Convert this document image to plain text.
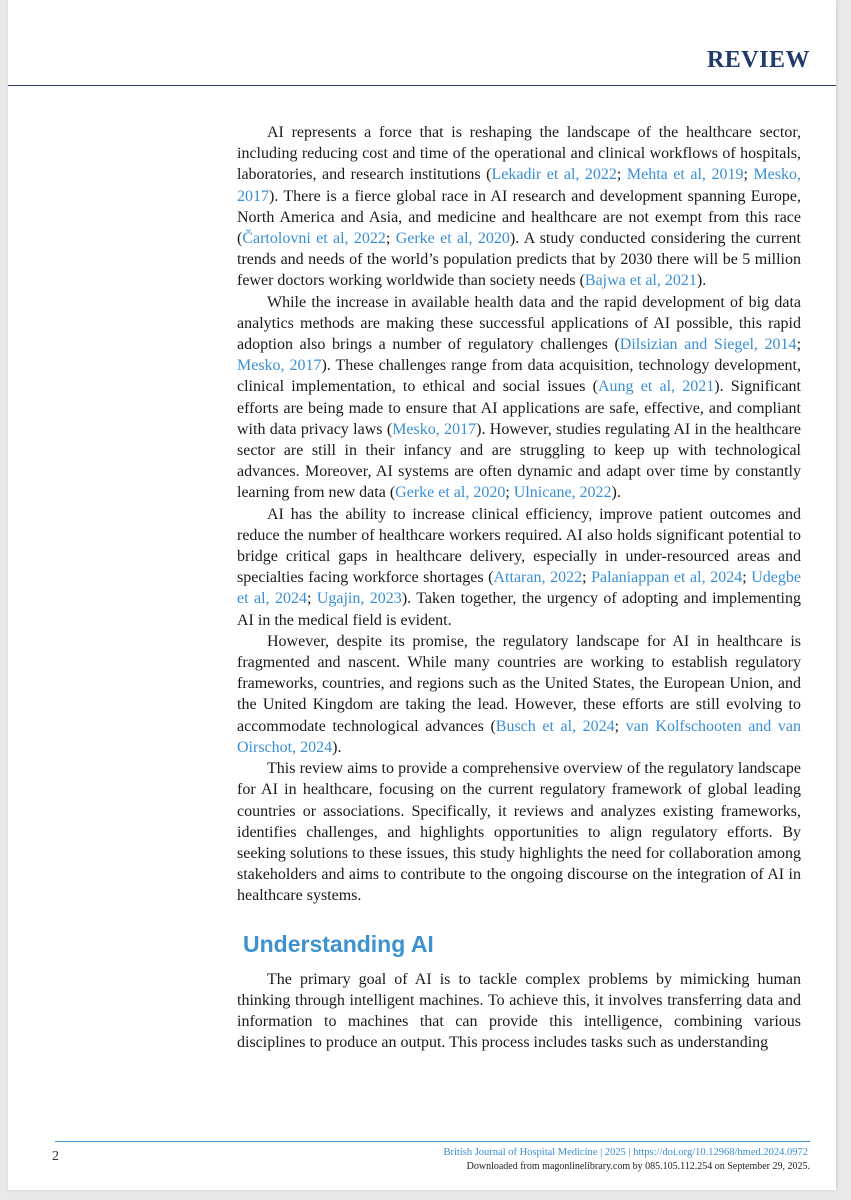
REVIEW

AI represents a force that is reshaping the landscape of the healthcare sector, including reducing cost and time of the operational and clinical workflows of hospitals, laboratories, and research institutions (Lekadir et al, 2022; Mehta et al, 2019; Mesko, 2017). There is a fierce global race in AI research and development spanning Europe, North America and Asia, and medicine and healthcare are not exempt from this race (Čartolovni et al, 2022; Gerke et al, 2020). A study conducted considering the current trends and needs of the world’s population predicts that by 2030 there will be 5 million fewer doctors working worldwide than society needs (Bajwa et al, 2021).

While the increase in available health data and the rapid development of big data analytics methods are making these successful applications of AI possible, this rapid adoption also brings a number of regulatory challenges (Dilsizian and Siegel, 2014; Mesko, 2017). These challenges range from data acquisition, technology development, clinical implementation, to ethical and social issues (Aung et al, 2021). Significant efforts are being made to ensure that AI applications are safe, effective, and compliant with data privacy laws (Mesko, 2017). However, studies regulating AI in the healthcare sector are still in their infancy and are struggling to keep up with technological advances. Moreover, AI systems are often dynamic and adapt over time by constantly learning from new data (Gerke et al, 2020; Ulnicane, 2022).

AI has the ability to increase clinical efficiency, improve patient outcomes and reduce the number of healthcare workers required. AI also holds significant potential to bridge critical gaps in healthcare delivery, especially in under-resourced areas and specialties facing workforce shortages (Attaran, 2022; Palaniappan et al, 2024; Udegbe et al, 2024; Ugajin, 2023). Taken together, the urgency of adopting and implementing AI in the medical field is evident.

However, despite its promise, the regulatory landscape for AI in healthcare is fragmented and nascent. While many countries are working to establish regulatory frameworks, countries, and regions such as the United States, the European Union, and the United Kingdom are taking the lead. However, these efforts are still evolving to accommodate technological advances (Busch et al, 2024; van Kolfschooten and van Oirschot, 2024).

This review aims to provide a comprehensive overview of the regulatory landscape for AI in healthcare, focusing on the current regulatory framework of global leading countries or associations. Specifically, it reviews and analyzes existing frameworks, identifies challenges, and highlights opportunities to align regulatory efforts. By seeking solutions to these issues, this study highlights the need for collaboration among stakeholders and aims to contribute to the ongoing discourse on the integration of AI in healthcare systems.

Understanding AI

The primary goal of AI is to tackle complex problems by mimicking human thinking through intelligent machines. To achieve this, it involves transferring data and information to machines that can provide this intelligence, combining various disciplines to produce an output. This process includes tasks such as understanding

2	British Journal of Hospital Medicine | 2025 | https://doi.org/10.12968/hmed.2024.0972
Downloaded from magonlinelibrary.com by 085.105.112.254 on September 29, 2025.
